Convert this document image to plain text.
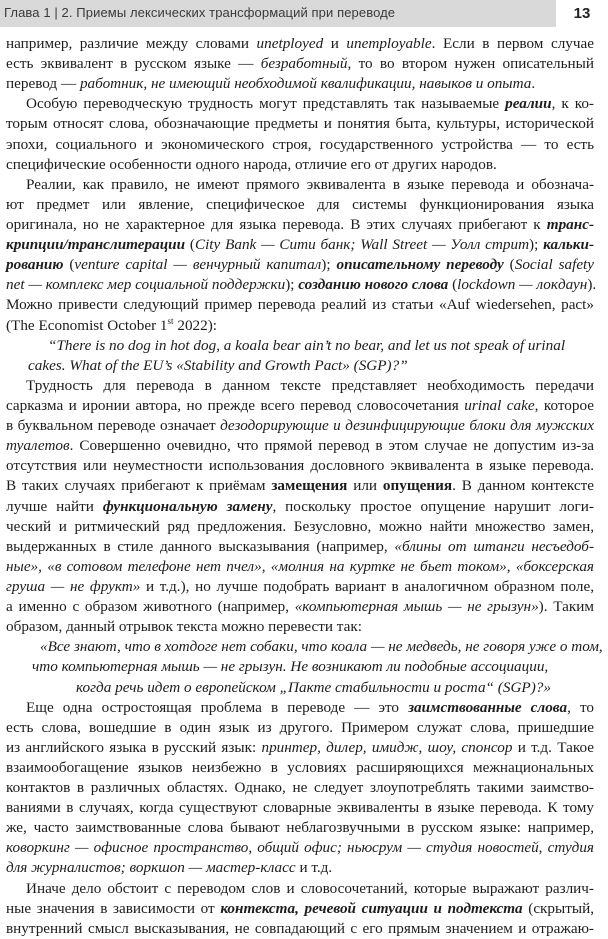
Глава 1 | 2. Приемы лексических трансформаций при переводе	13
например, различие между словами unetployed и unemployable. Если в первом случае
есть эквивалент в русском языке — безработный, то во втором нужен описательный
перевод — работник, не имеющий необходимой квалификации, навыков и опыта.
Особую переводческую трудность могут представлять так называемые реалии, к ко-
торым относят слова, обозначающие предметы и понятия быта, культуры, исторической
эпохи, социального и экономического строя, государственного устройства — то есть
специфические особенности одного народа, отличие его от других народов.
Реалии, как правило, не имеют прямого эквивалента в языке перевода и обознача-
ют предмет или явление, специфическое для системы функционирования языка
оригинала, но не характерное для языка перевода. В этих случаях прибегают к транс-
крипции/транслитерации (City Bank — Сити банк; Wall Street — Уолл стрит); кальки-
рованию (venture capital — венчурный капитал); описательному переводу (Social safety
net — комплекс мер социальной поддержки); созданию нового слова (lockdown — локдаун).
Можно привести следующий пример перевода реалий из статьи «Auf wiedersehen, pact»
(The Economist October 1st 2022):
“There is no dog in hot dog, a koala bear ain’t no bear, and let us not speak of urinal
cakes. What of the EU’s «Stability and Growth Pact» (SGP)?”
Трудность для перевода в данном тексте представляет необходимость передачи
сарказма и иронии автора, но прежде всего перевод словосочетания urinal cake, которое
в буквальном переводе означает дезодорирующие и дезинфицирующие блоки для мужских
туалетов. Совершенно очевидно, что прямой перевод в этом случае не допустим из-за
отсутствия или неуместности использования дословного эквивалента в языке перевода.
В таких случаях прибегают к приёмам замещения или опущения. В данном контексте
лучше найти функциональную замену, поскольку простое опущение нарушит логи-
ческий и ритмический ряд предложения. Безусловно, можно найти множество замен,
выдержанных в стиле данного высказывания (например, «блины от штанги несъедоб-
ные», «в сотовом телефоне нет пчел», «молния на куртке не бьет током», «боксерская
груша — не фрукт» и т.д.), но лучше подобрать вариант в аналогичном образном поле,
а именно с образом животного (например, «компьютерная мышь — не грызун»). Таким
образом, данный отрывок текста можно перевести так:
«Все знают, что в хотдоге нет собаки, что коала — не медведь, не говоря уже о том,
что компьютерная мышь — не грызун. Не возникают ли подобные ассоциации,
когда речь идет о европейском „Пакте стабильности и роста“ (SGP)?»
Еще одна остростоящая проблема в переводе — это заимствованные слова, то
есть слова, вошедшие в один язык из другого. Примером служат слова, пришедшие
из английского языка в русский язык: принтер, дилер, имидж, шоу, спонсор и т.д. Такое
взаимообогащение языков неизбежно в условиях расширяющихся межнациональных
контактов в различных областях. Однако, не следует злоупотреблять такими заимство-
ваниями в случаях, когда существуют словарные эквиваленты в языке перевода. К тому
же, часто заимствованные слова бывают неблагозвучными в русском языке: например,
коворкинг — офисное пространство, общий офис; ньюсрум — студия новостей, студия
для журналистов; воркшоп — мастер-класс и т.д.
Иначе дело обстоит с переводом слов и словосочетаний, которые выражают различ-
ные значения в зависимости от контекста, речевой ситуации и подтекста (скрытый,
внутренний смысл высказывания, не совпадающий с его прямым значением и отражаю-
